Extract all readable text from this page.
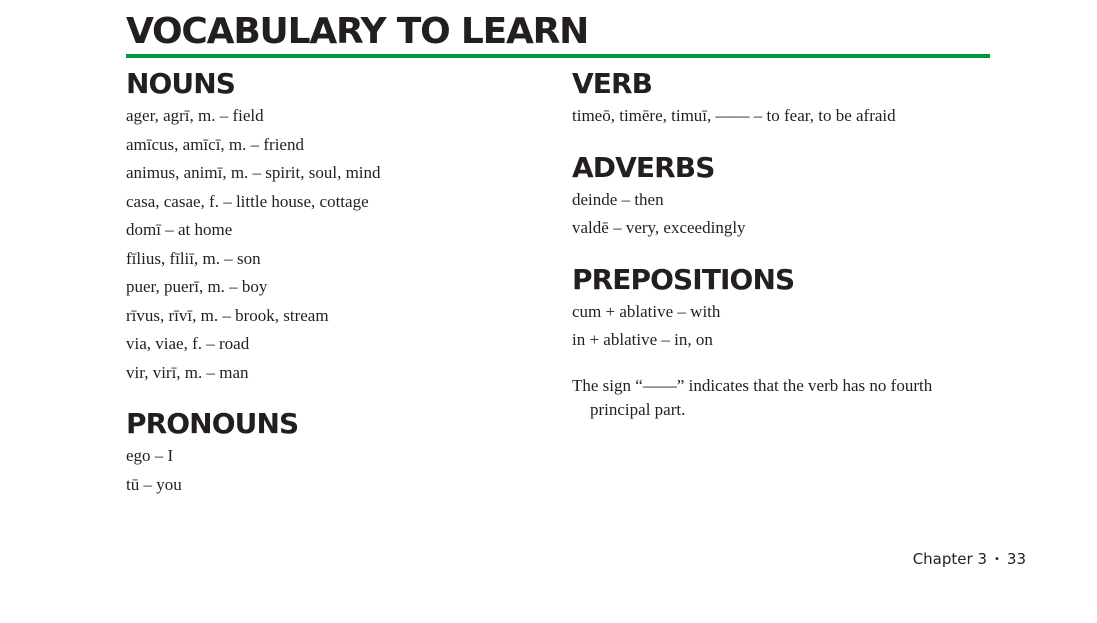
VOCABULARY TO LEARN
NOUNS
ager, agrī, m. – field
amīcus, amīcī, m. – friend
animus, animī, m. – spirit, soul, mind
casa, casae, f. – little house, cottage
domī – at home
fīlius, fīliī, m. – son
puer, puerī, m. – boy
rīvus, rīvī, m. – brook, stream
via, viae, f. – road
vir, virī, m. – man
PRONOUNS
ego – I
tū – you
VERB
timeō, timēre, timuī, —— – to fear, to be afraid
ADVERBS
deinde – then
valdē – very, exceedingly
PREPOSITIONS
cum + ablative – with
in + ablative – in, on

The sign “——” indicates that the verb has no fourth principal part.

Chapter 3 • 33
